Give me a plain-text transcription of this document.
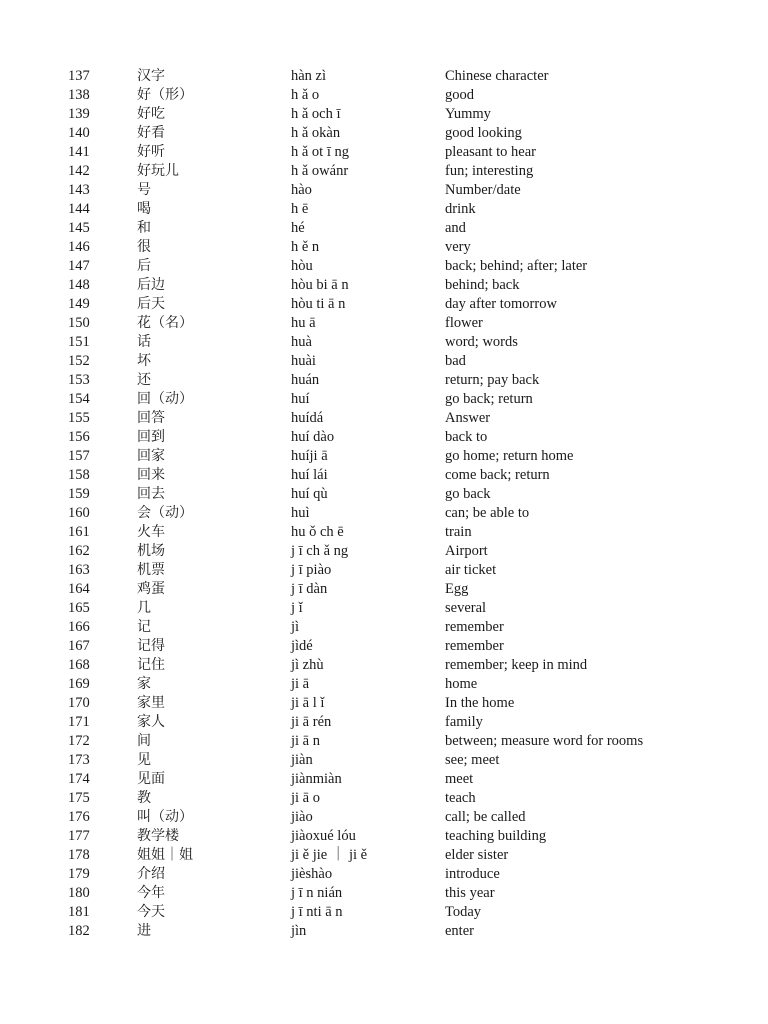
137	汉字	hàn zì	Chinese character
138	好（形）	h ǎ o	good
139	好吃	h ǎ och ī	Yummy
140	好看	h ǎ okàn	good looking
141	好听	h ǎ ot ī ng	pleasant to hear
142	好玩儿	h ǎ owánr	fun; interesting
143	号	hào	Number/date
144	喝	h ē	drink
145	和	hé	and
146	很	h ě n	very
147	后	hòu	back; behind; after; later
148	后边	hòu bi ā n	behind; back
149	后天	hòu ti ā n	day after tomorrow
150	花（名）	hu ā	flower
151	话	huà	word; words
152	坏	huài	bad
153	还	huán	return; pay back
154	回（动）	huí	go back; return
155	回答	huídá	Answer
156	回到	huí dào	back to
157	回家	huíji ā	go home; return home
158	回来	huí lái	come back; return
159	回去	huí qù	go back
160	会（动）	huì	can; be able to
161	火车	hu ǒ ch ē	train
162	机场	j ī ch ǎ ng	Airport
163	机票	j ī piào	air ticket
164	鸡蛋	j ī dàn	Egg
165	几	j ǐ	several
166	记	jì	remember
167	记得	jìdé	remember
168	记住	jì zhù	remember; keep in mind
169	家	ji ā	home
170	家里	ji ā l ǐ	In the home
171	家人	ji ā rén	family
172	间	ji ā n	between; measure word for rooms
173	见	jiàn	see; meet
174	见面	jiànmiàn	meet
175	教	ji ā o	teach
176	叫（动）	jiào	call; be called
177	教学楼	jiàoxué lóu	teaching building
178	姐姐｜姐	ji ě jie ｜ ji ě	elder sister
179	介绍	jièshào	introduce
180	今年	j ī n nián	this year
181	今天	j ī nti ā n	Today
182	进	jìn	enter
